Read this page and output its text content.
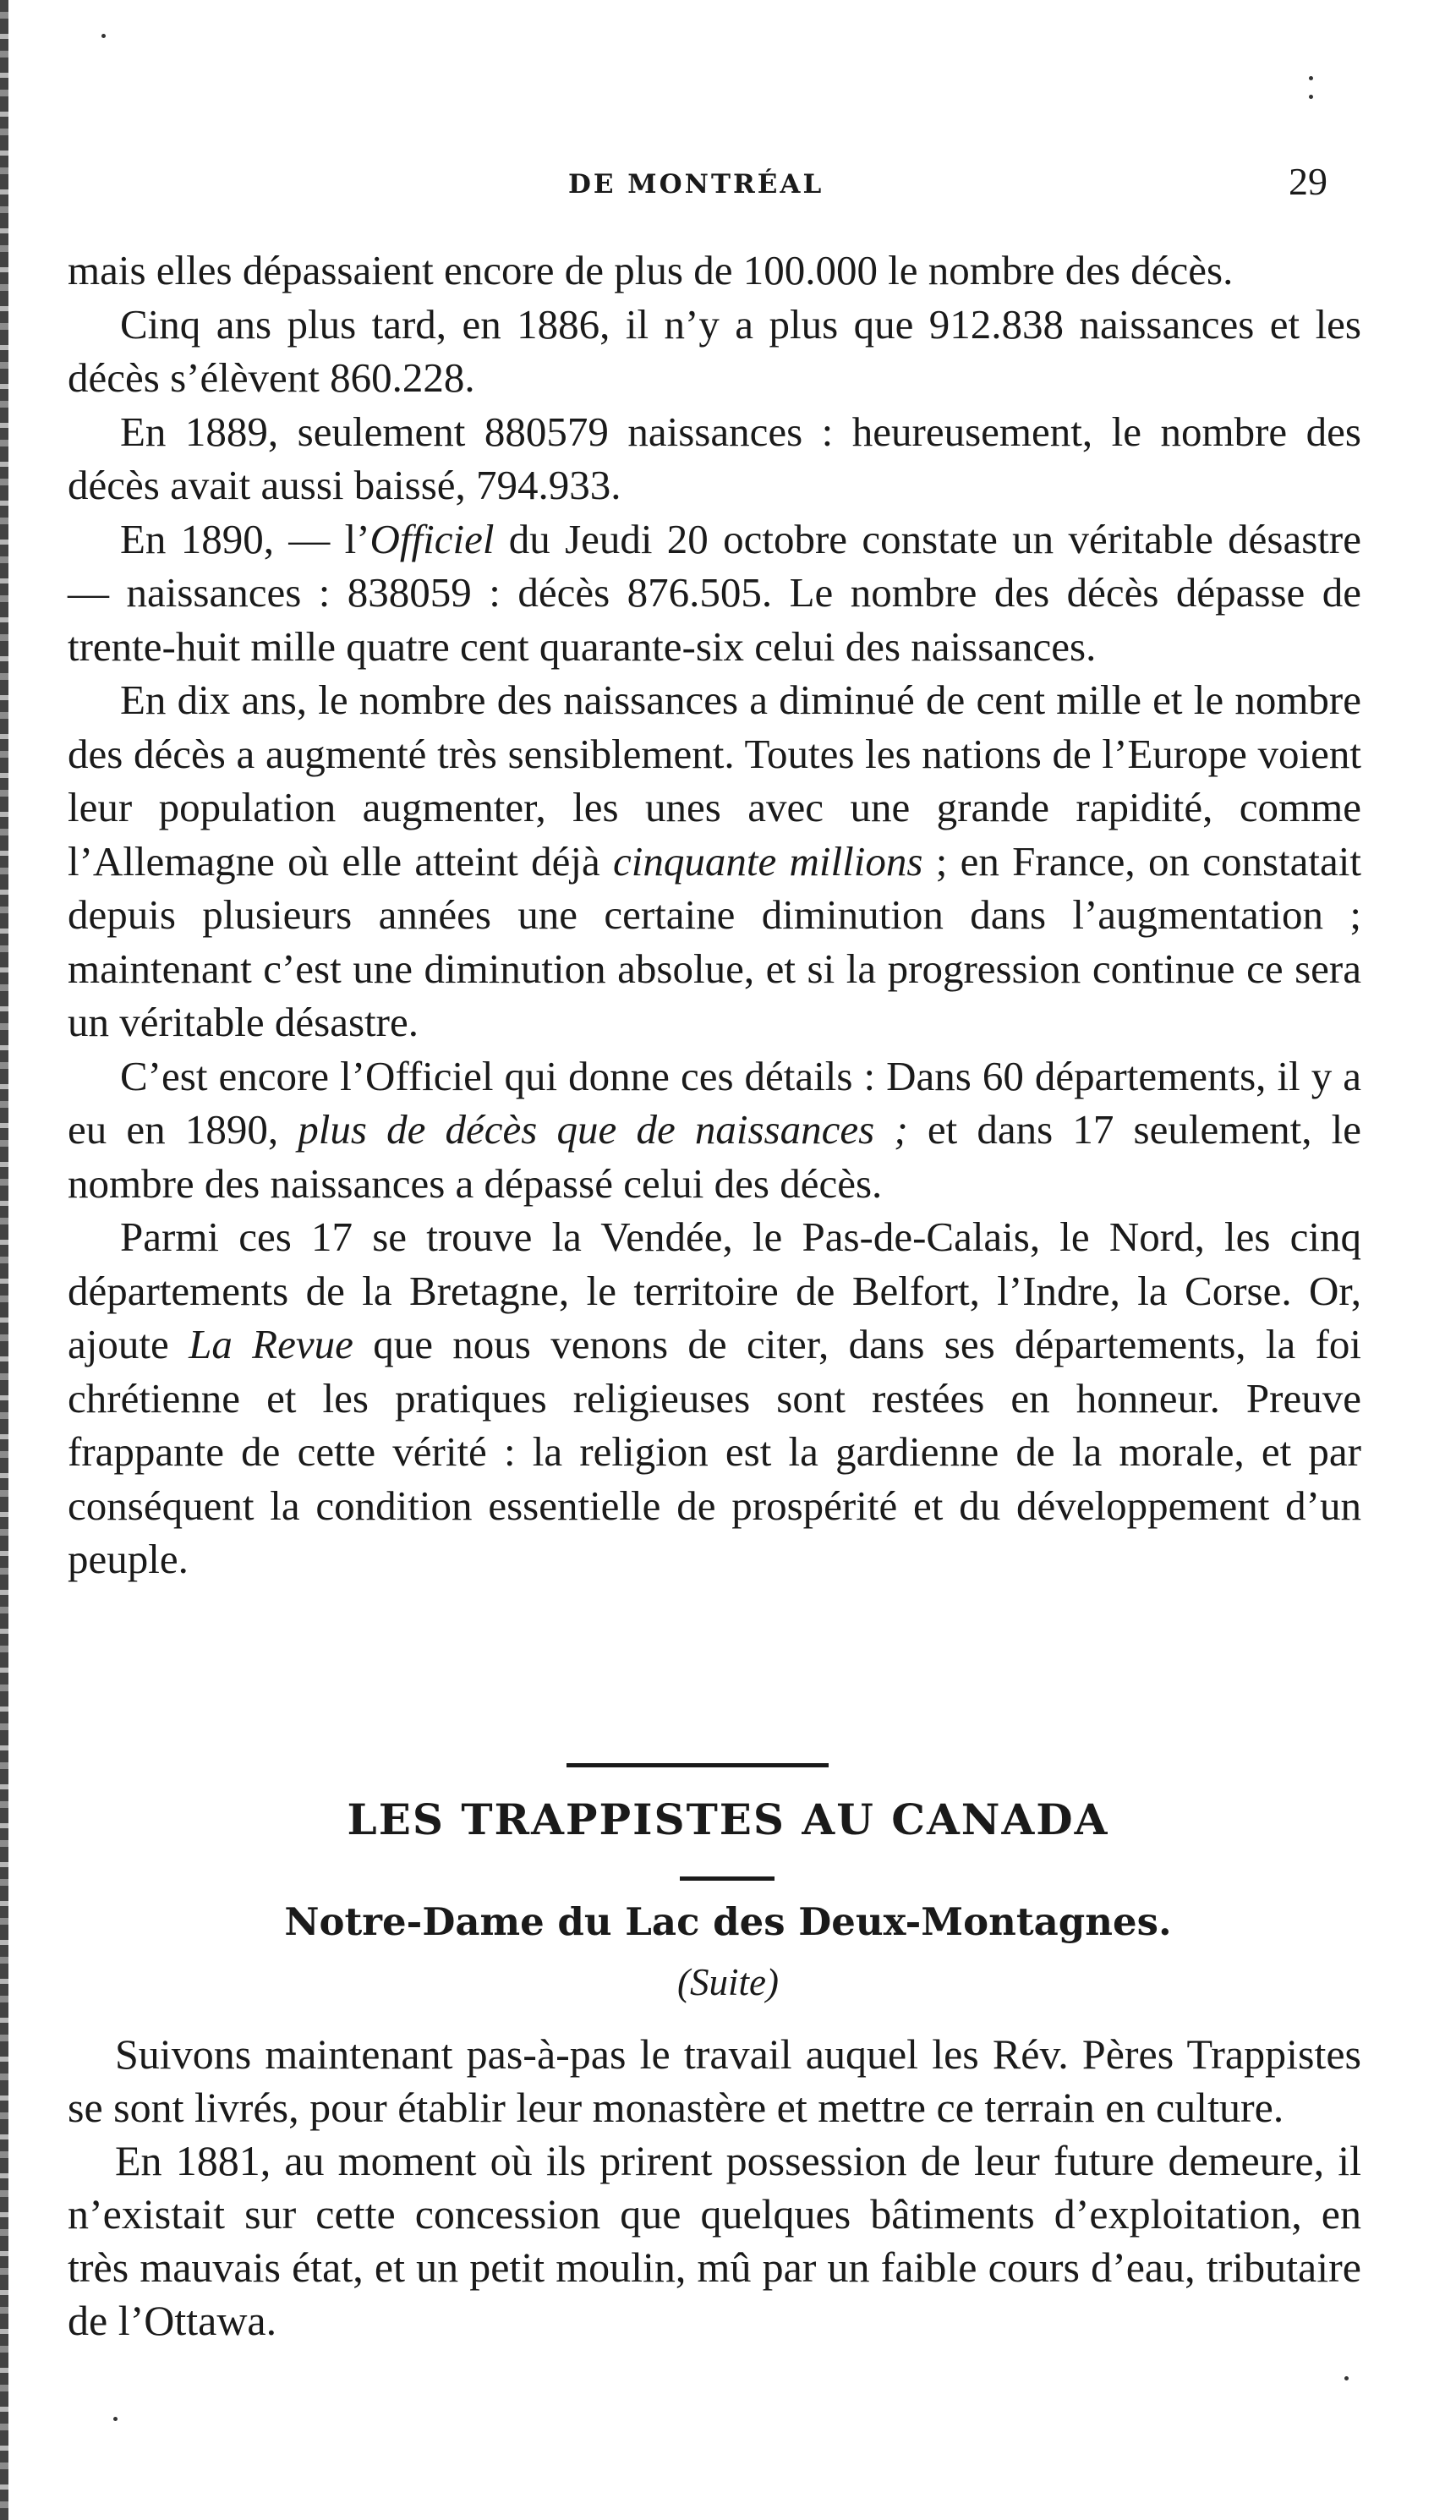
DE MONTRÉAL	29

mais elles dépassaient encore de plus de 100.000 le nombre des décès.

Cinq ans plus tard, en 1886, il n’y a plus que 912.838 naissances et les décès s’élèvent 860.228.

En 1889, seulement 880579 naissances : heureusement, le nombre des décès avait aussi baissé, 794.933.

En 1890, — l’Officiel du Jeudi 20 octobre constate un véritable désastre — naissances : 838059 : décès 876.505. Le nombre des décès dépasse de trente-huit mille quatre cent quarante-six celui des naissances.

En dix ans, le nombre des naissances a diminué de cent mille et le nombre des décès a augmenté très sensiblement. Toutes les nations de l’Europe voient leur population augmenter, les unes avec une grande rapidité, comme l’Allemagne où elle atteint déjà cinquante millions ; en France, on constatait depuis plusieurs années une certaine diminution dans l’augmentation ; maintenant c’est une diminution absolue, et si la progression continue ce sera un véritable désastre.

C’est encore l’Officiel qui donne ces détails : Dans 60 départements, il y a eu en 1890, plus de décès que de naissances ; et dans 17 seulement, le nombre des naissances a dépassé celui des décès.

Parmi ces 17 se trouve la Vendée, le Pas-de-Calais, le Nord, les cinq départements de la Bretagne, le territoire de Belfort, l’Indre, la Corse. Or, ajoute La Revue que nous venons de citer, dans ses départements, la foi chrétienne et les pratiques religieuses sont restées en honneur. Preuve frappante de cette vérité : la religion est la gardienne de la morale, et par conséquent la condition essentielle de prospérité et du développement d’un peuple.

LES TRAPPISTES AU CANADA
Notre-Dame du Lac des Deux-Montagnes.
(Suite)

Suivons maintenant pas-à-pas le travail auquel les Rév. Pères Trappistes se sont livrés, pour établir leur monastère et mettre ce terrain en culture.

En 1881, au moment où ils prirent possession de leur future demeure, il n’existait sur cette concession que quelques bâtiments d’exploitation, en très mauvais état, et un petit moulin, mû par un faible cours d’eau, tributaire de l’Ottawa.
